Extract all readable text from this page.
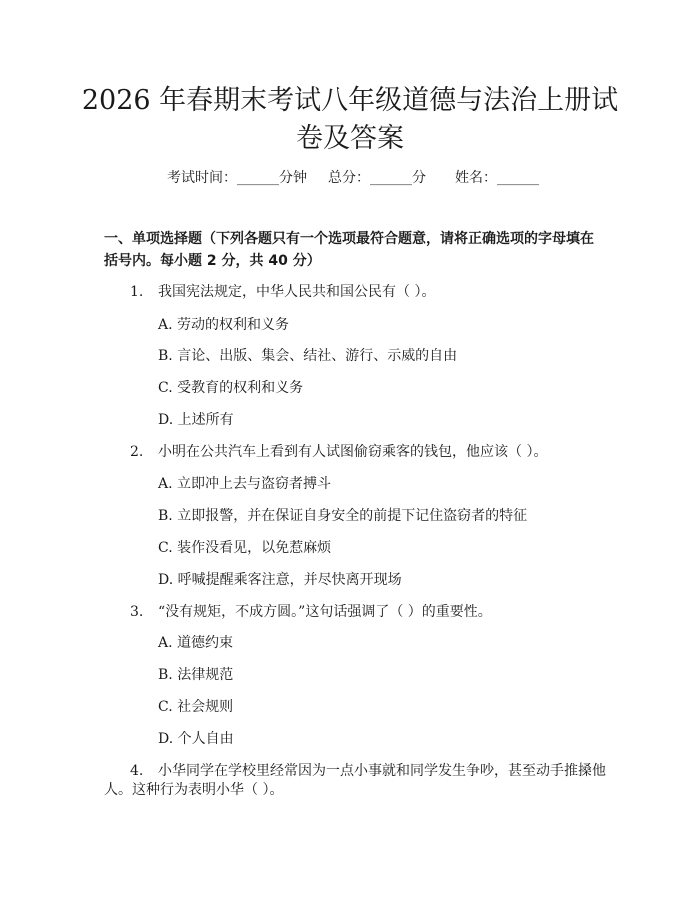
2026 年春期末考试八年级道德与法治上册试
卷及答案
考试时间：______分钟 总分：______分 姓名：______
一、单项选择题（下列各题只有一个选项最符合题意，请将正确选项的字母填在
括号内。每小题 2 分，共 40 分）
1. 我国宪法规定，中华人民共和国公民有（ ）。
A. 劳动的权利和义务
B. 言论、出版、集会、结社、游行、示威的自由
C. 受教育的权利和义务
D. 上述所有
2. 小明在公共汽车上看到有人试图偷窃乘客的钱包，他应该（ ）。
A. 立即冲上去与盗窃者搏斗
B. 立即报警，并在保证自身安全的前提下记住盗窃者的特征
C. 装作没看见，以免惹麻烦
D. 呼喊提醒乘客注意，并尽快离开现场
3. “没有规矩，不成方圆。”这句话强调了（ ）的重要性。
A. 道德约束
B. 法律规范
C. 社会规则
D. 个人自由
4. 小华同学在学校里经常因为一点小事就和同学发生争吵，甚至动手推搡他
人。这种行为表明小华（ ）。
